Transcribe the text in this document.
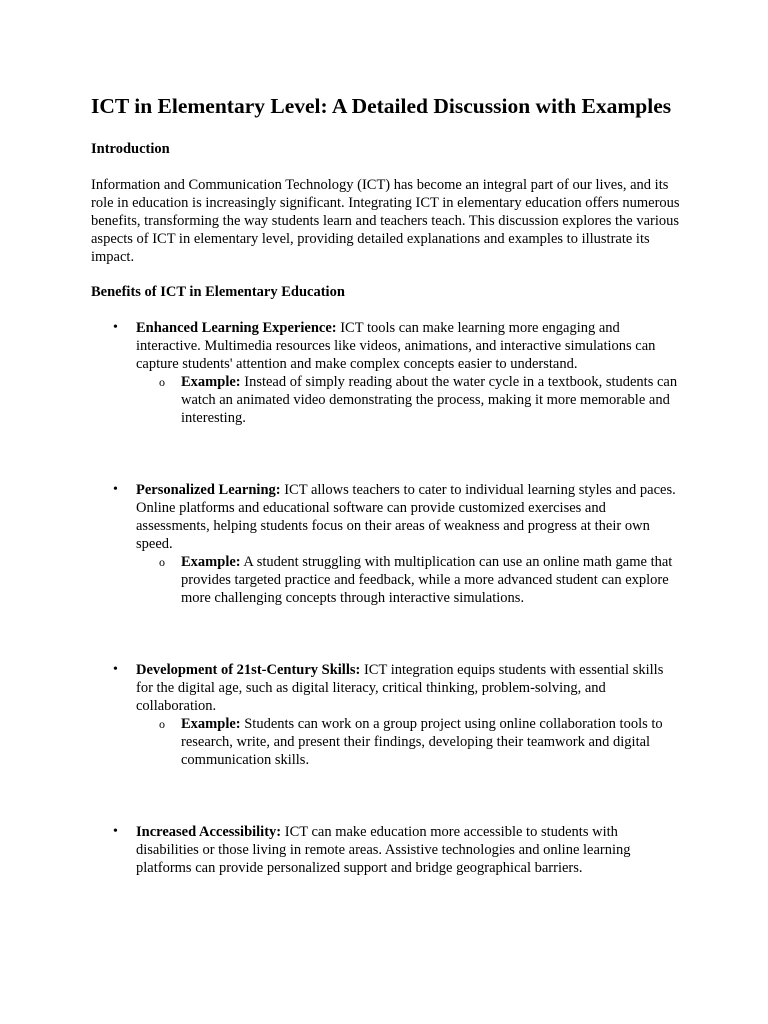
ICT in Elementary Level: A Detailed Discussion with Examples
Introduction

Information and Communication Technology (ICT) has become an integral part of our lives, and its role in education is increasingly significant. Integrating ICT in elementary education offers numerous benefits, transforming the way students learn and teachers teach. This discussion explores the various aspects of ICT in elementary level, providing detailed explanations and examples to illustrate its impact.

Benefits of ICT in Elementary Education
• Enhanced Learning Experience: ICT tools can make learning more engaging and interactive. Multimedia resources like videos, animations, and interactive simulations can capture students' attention and make complex concepts easier to understand.
o Example: Instead of simply reading about the water cycle in a textbook, students can watch an animated video demonstrating the process, making it more memorable and interesting.
• Personalized Learning: ICT allows teachers to cater to individual learning styles and paces. Online platforms and educational software can provide customized exercises and assessments, helping students focus on their areas of weakness and progress at their own speed.
o Example: A student struggling with multiplication can use an online math game that provides targeted practice and feedback, while a more advanced student can explore more challenging concepts through interactive simulations.
• Development of 21st-Century Skills: ICT integration equips students with essential skills for the digital age, such as digital literacy, critical thinking, problem-solving, and collaboration.
o Example: Students can work on a group project using online collaboration tools to research, write, and present their findings, developing their teamwork and digital communication skills.
• Increased Accessibility: ICT can make education more accessible to students with disabilities or those living in remote areas. Assistive technologies and online learning platforms can provide personalized support and bridge geographical barriers.
